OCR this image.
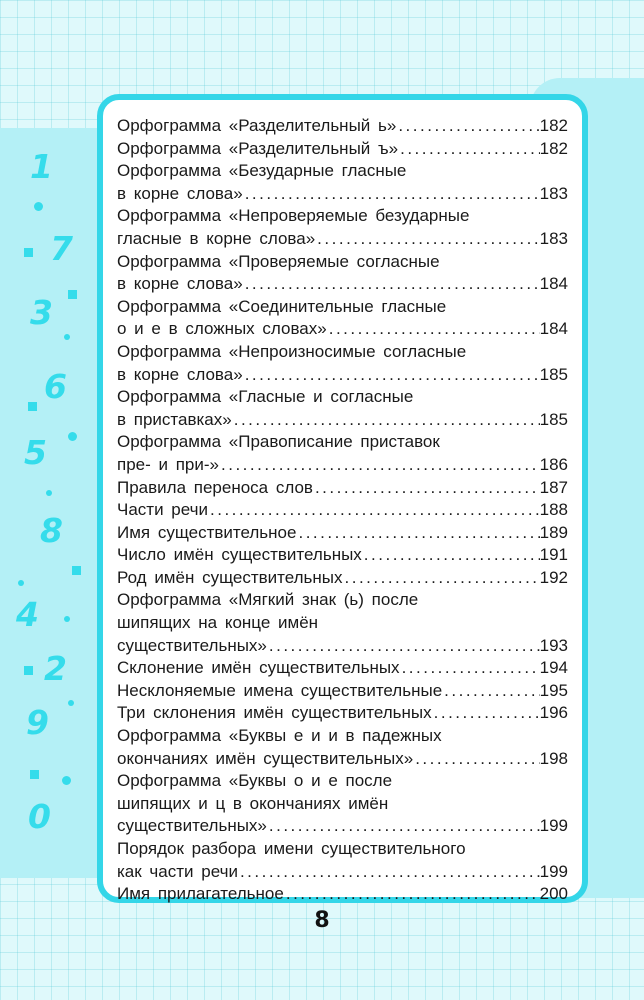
1
7
3
6
5
8
4
2
9
0
Орфограмма «Разделительный ь» .....	182
Орфограмма «Разделительный ъ» .....	182
Орфограмма «Безударные гласные
в корне слова» .....	183
Орфограмма «Непроверяемые безударные
гласные в корне слова» .....	183
Орфограмма «Проверяемые согласные
в корне слова» .....	184
Орфограмма «Соединительные гласные
о и е в сложных словах» .....	184
Орфограмма «Непроизносимые согласные
в корне слова» .....	185
Орфограмма «Гласные и согласные
в приставках» .....	185
Орфограмма «Правописание приставок
пре- и при-» .....	186
Правила переноса слов .....	187
Части речи .....	188
Имя существительное .....	189
Число имён существительных .....	191
Род имён существительных .....	192
Орфограмма «Мягкий знак (ь) после
шипящих на конце имён
существительных» .....	193
Склонение имён существительных .....	194
Несклоняемые имена существительные .....	195
Три склонения имён существительных .....	196
Орфограмма «Буквы е и и в падежных
окончаниях имён существительных» .....	198
Орфограмма «Буквы о и е после
шипящих и ц в окончаниях имён
существительных» .....	199
Порядок разбора имени существительного
как части речи .....	199
Имя прилагательное .....	200
8
